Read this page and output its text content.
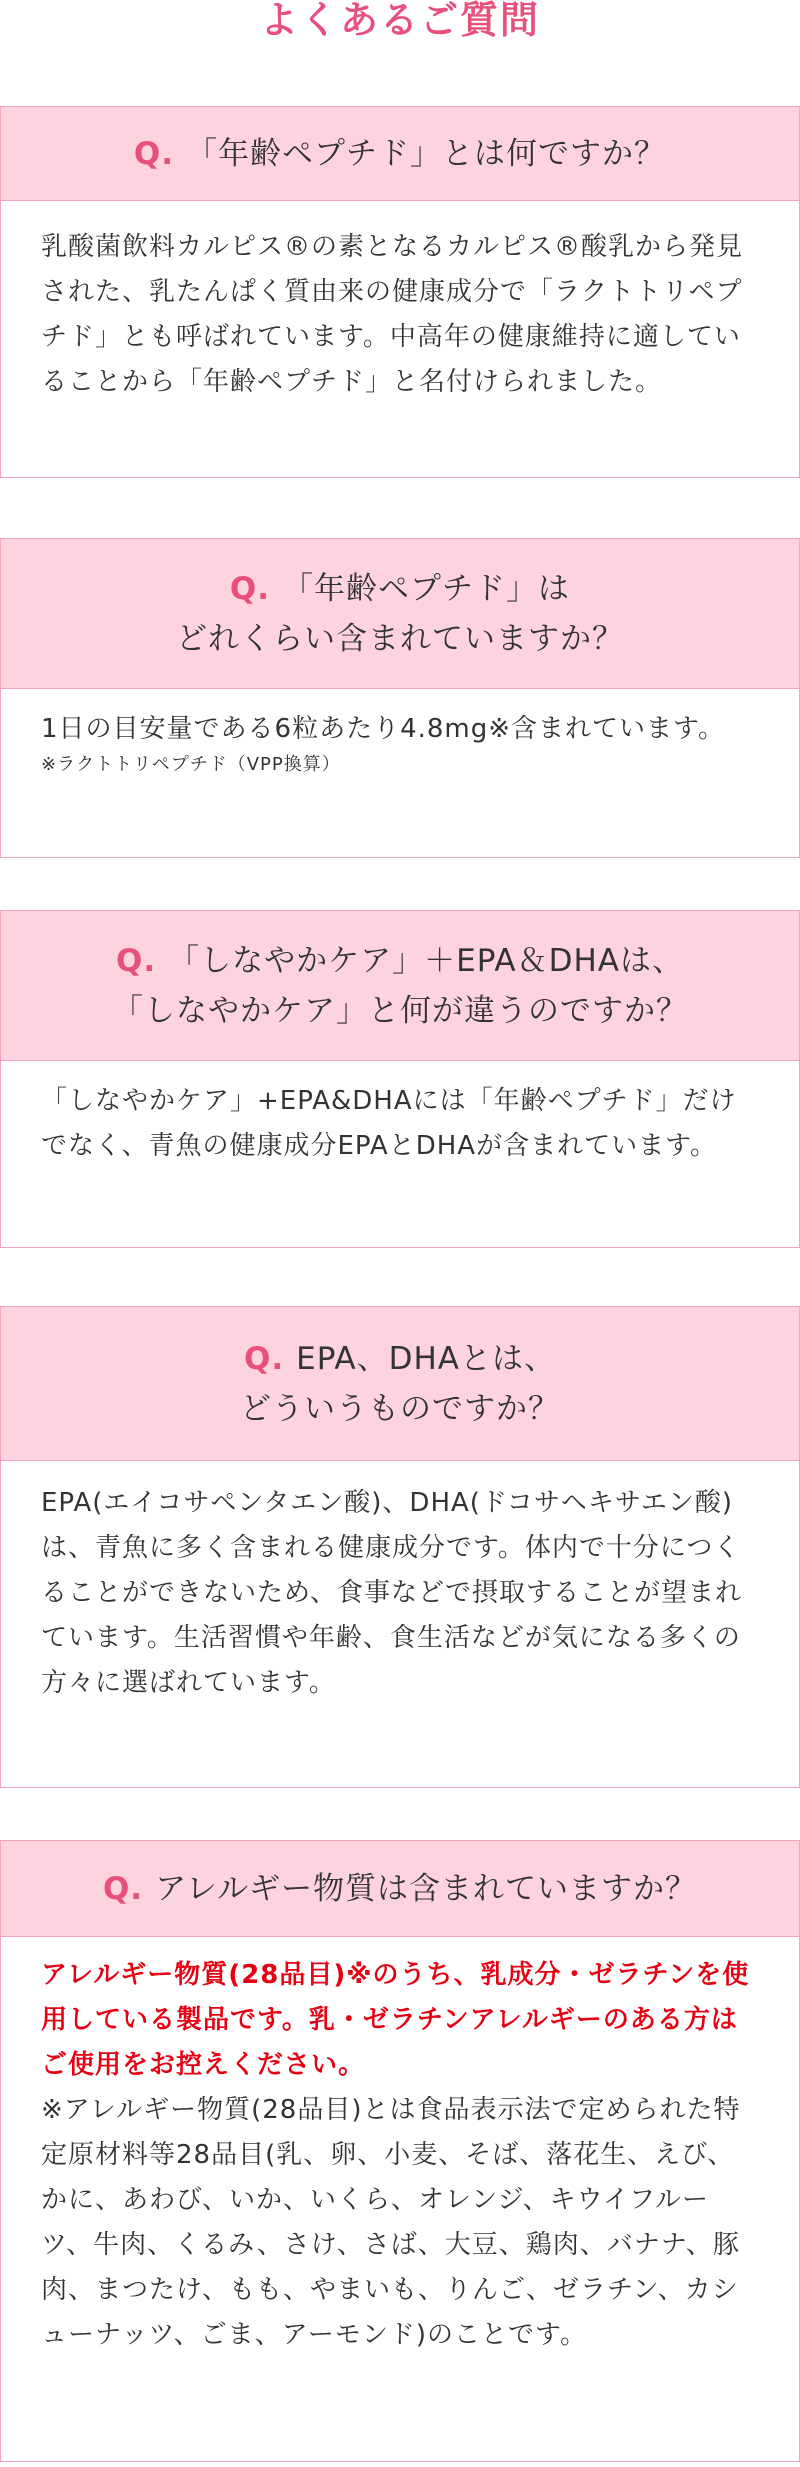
よくあるご質問
Q. 「年齢ペプチド」とは何ですか？
乳酸菌飲料カルピス®の素となるカルピス®酸乳から発見された、乳たんぱく質由来の健康成分で「ラクトトリペプチド」とも呼ばれています。中高年の健康維持に適していることから「年齢ペプチド」と名付けられました。
Q. 「年齢ペプチド」は
どれくらい含まれていますか？
1日の目安量である6粒あたり4.8mg※含まれています。
※ラクトトリペプチド（VPP換算）
Q. 「しなやかケア」＋EPA＆DHAは、
「しなやかケア」と何が違うのですか？
「しなやかケア」+EPA&DHAには「年齢ペプチド」だけでなく、青魚の健康成分EPAとDHAが含まれています。
Q. EPA、DHAとは、
どういうものですか？
EPA(エイコサペンタエン酸)、DHA(ドコサヘキサエン酸)は、青魚に多く含まれる健康成分です。体内で十分につくることができないため、食事などで摂取することが望まれています。生活習慣や年齢、食生活などが気になる多くの方々に選ばれています。
Q. アレルギー物質は含まれていますか？
アレルギー物質(28品目)※のうち、乳成分・ゼラチンを使用している製品です。乳・ゼラチンアレルギーのある方はご使用をお控えください。
※アレルギー物質(28品目)とは食品表示法で定められた特定原材料等28品目(乳、卵、小麦、そば、落花生、えび、かに、あわび、いか、いくら、オレンジ、キウイフルーツ、牛肉、くるみ、さけ、さば、大豆、鶏肉、バナナ、豚肉、まつたけ、もも、やまいも、りんご、ゼラチン、カシューナッツ、ごま、アーモンド)のことです。
